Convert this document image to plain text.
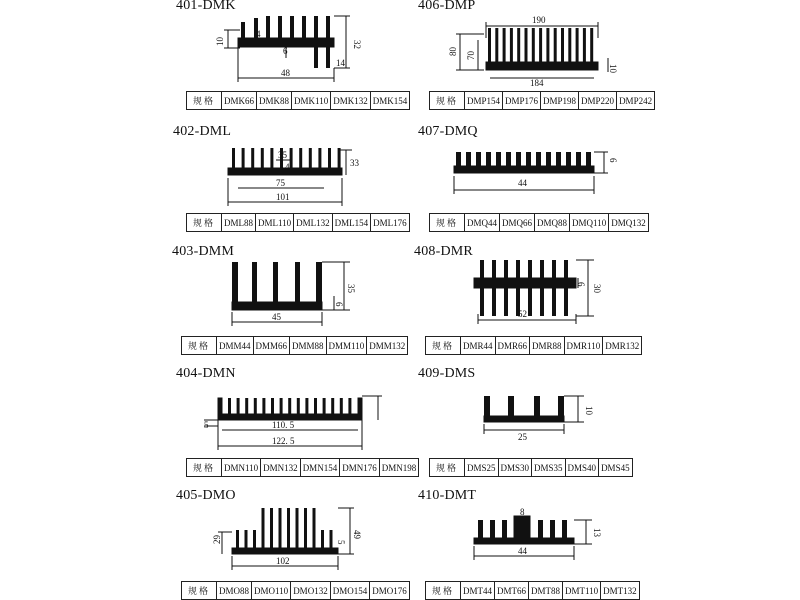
401-DMK	406-DMP
402-DML	407-DMQ
403-DMM	408-DMR
404-DMN	409-DMS
405-DMO	410-DMT
10
4
6
14
32
48
190
80 70
184
10
35
4	33
75
101
6
44
35
6
45
6 30
52
5	110. 5
122. 5
10
25
29	5
49
102
8
13
44
规格	DMK66	DMK88	DMK110	DMK132	DMK154	规格	DMP154	DMP176	DMP198	DMP220	DMP242
规格	DML88	DML110	DML132	DML154	DML176	规格	DMQ44	DMQ66	DMQ88	DMQ110	DMQ132
规格	DMM44	DMM66	DMM88	DMM110	DMM132	规格	DMR44	DMR66	DMR88	DMR110	DMR132
规格	DMN110	DMN132	DMN154	DMN176	DMN198 规格	DMS25	DMS30	DMS35	DMS40	DMS45
规格	DMO88	DMO110	DMO132	DMO154	DMO176	规格	DMT44	DMT66	DMT88	DMT110	DMT132
